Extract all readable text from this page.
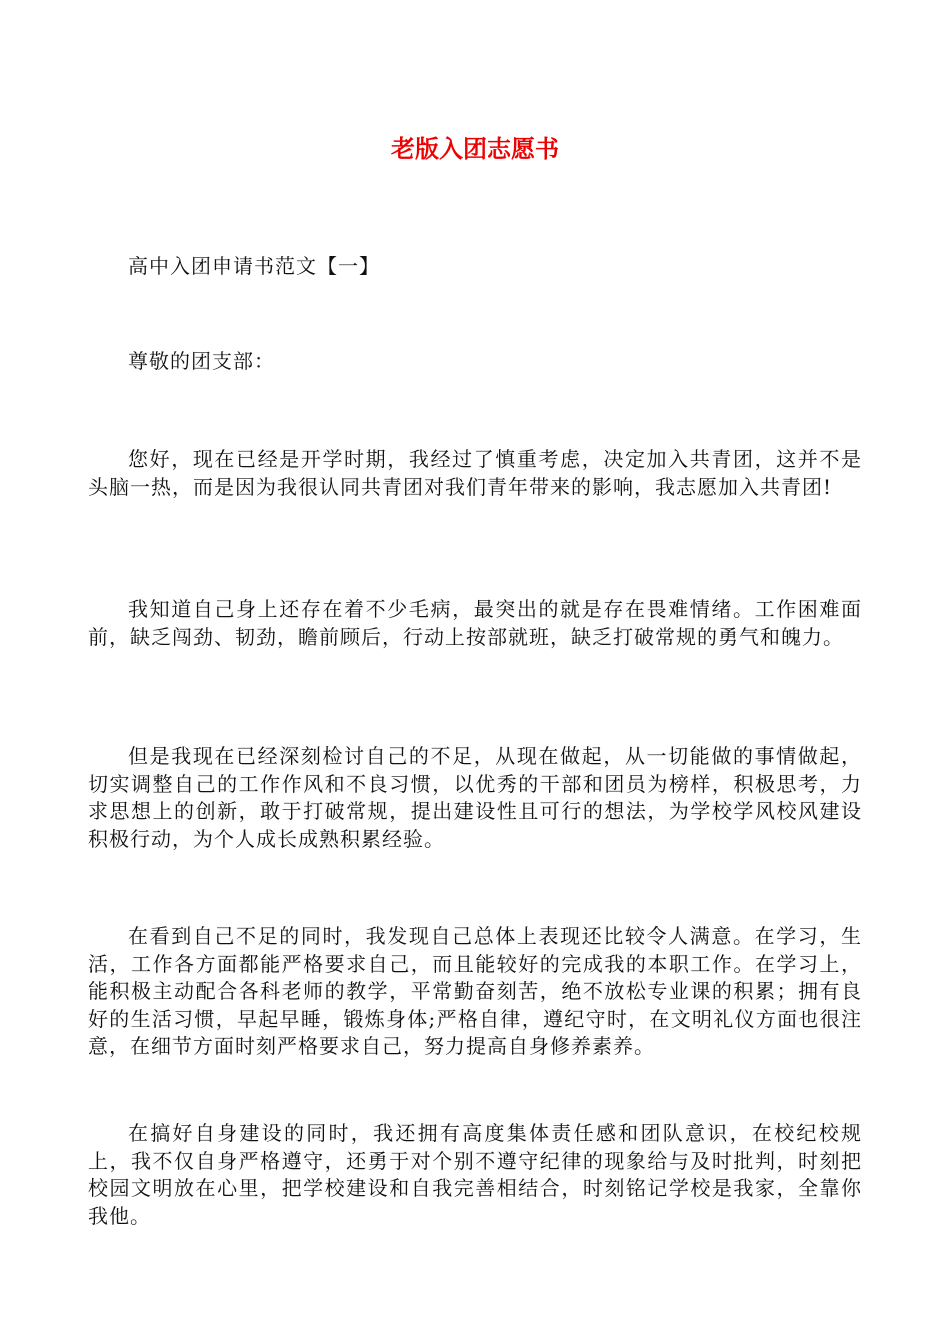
老版入团志愿书

高中入团申请书范文【一】

尊敬的团支部：

您好，现在已经是开学时期，我经过了慎重考虑，决定加入共青团，这并不是头脑一热，而是因为我很认同共青团对我们青年带来的影响，我志愿加入共青团!

我知道自己身上还存在着不少毛病，最突出的就是存在畏难情绪。工作困难面前，缺乏闯劲、韧劲，瞻前顾后，行动上按部就班，缺乏打破常规的勇气和魄力。

但是我现在已经深刻检讨自己的不足，从现在做起，从一切能做的事情做起，切实调整自己的工作作风和不良习惯，以优秀的干部和团员为榜样，积极思考，力求思想上的创新，敢于打破常规，提出建设性且可行的想法，为学校学风校风建设积极行动，为个人成长成熟积累经验。

在看到自己不足的同时，我发现自己总体上表现还比较令人满意。在学习，生活，工作各方面都能严格要求自己，而且能较好的完成我的本职工作。在学习上，能积极主动配合各科老师的教学，平常勤奋刻苦，绝不放松专业课的积累；拥有良好的生活习惯，早起早睡，锻炼身体;严格自律，遵纪守时，在文明礼仪方面也很注意，在细节方面时刻严格要求自己，努力提高自身修养素养。

在搞好自身建设的同时，我还拥有高度集体责任感和团队意识，在校纪校规上，我不仅自身严格遵守，还勇于对个别不遵守纪律的现象给与及时批判，时刻把校园文明放在心里，把学校建设和自我完善相结合，时刻铭记学校是我家，全靠你我他。
